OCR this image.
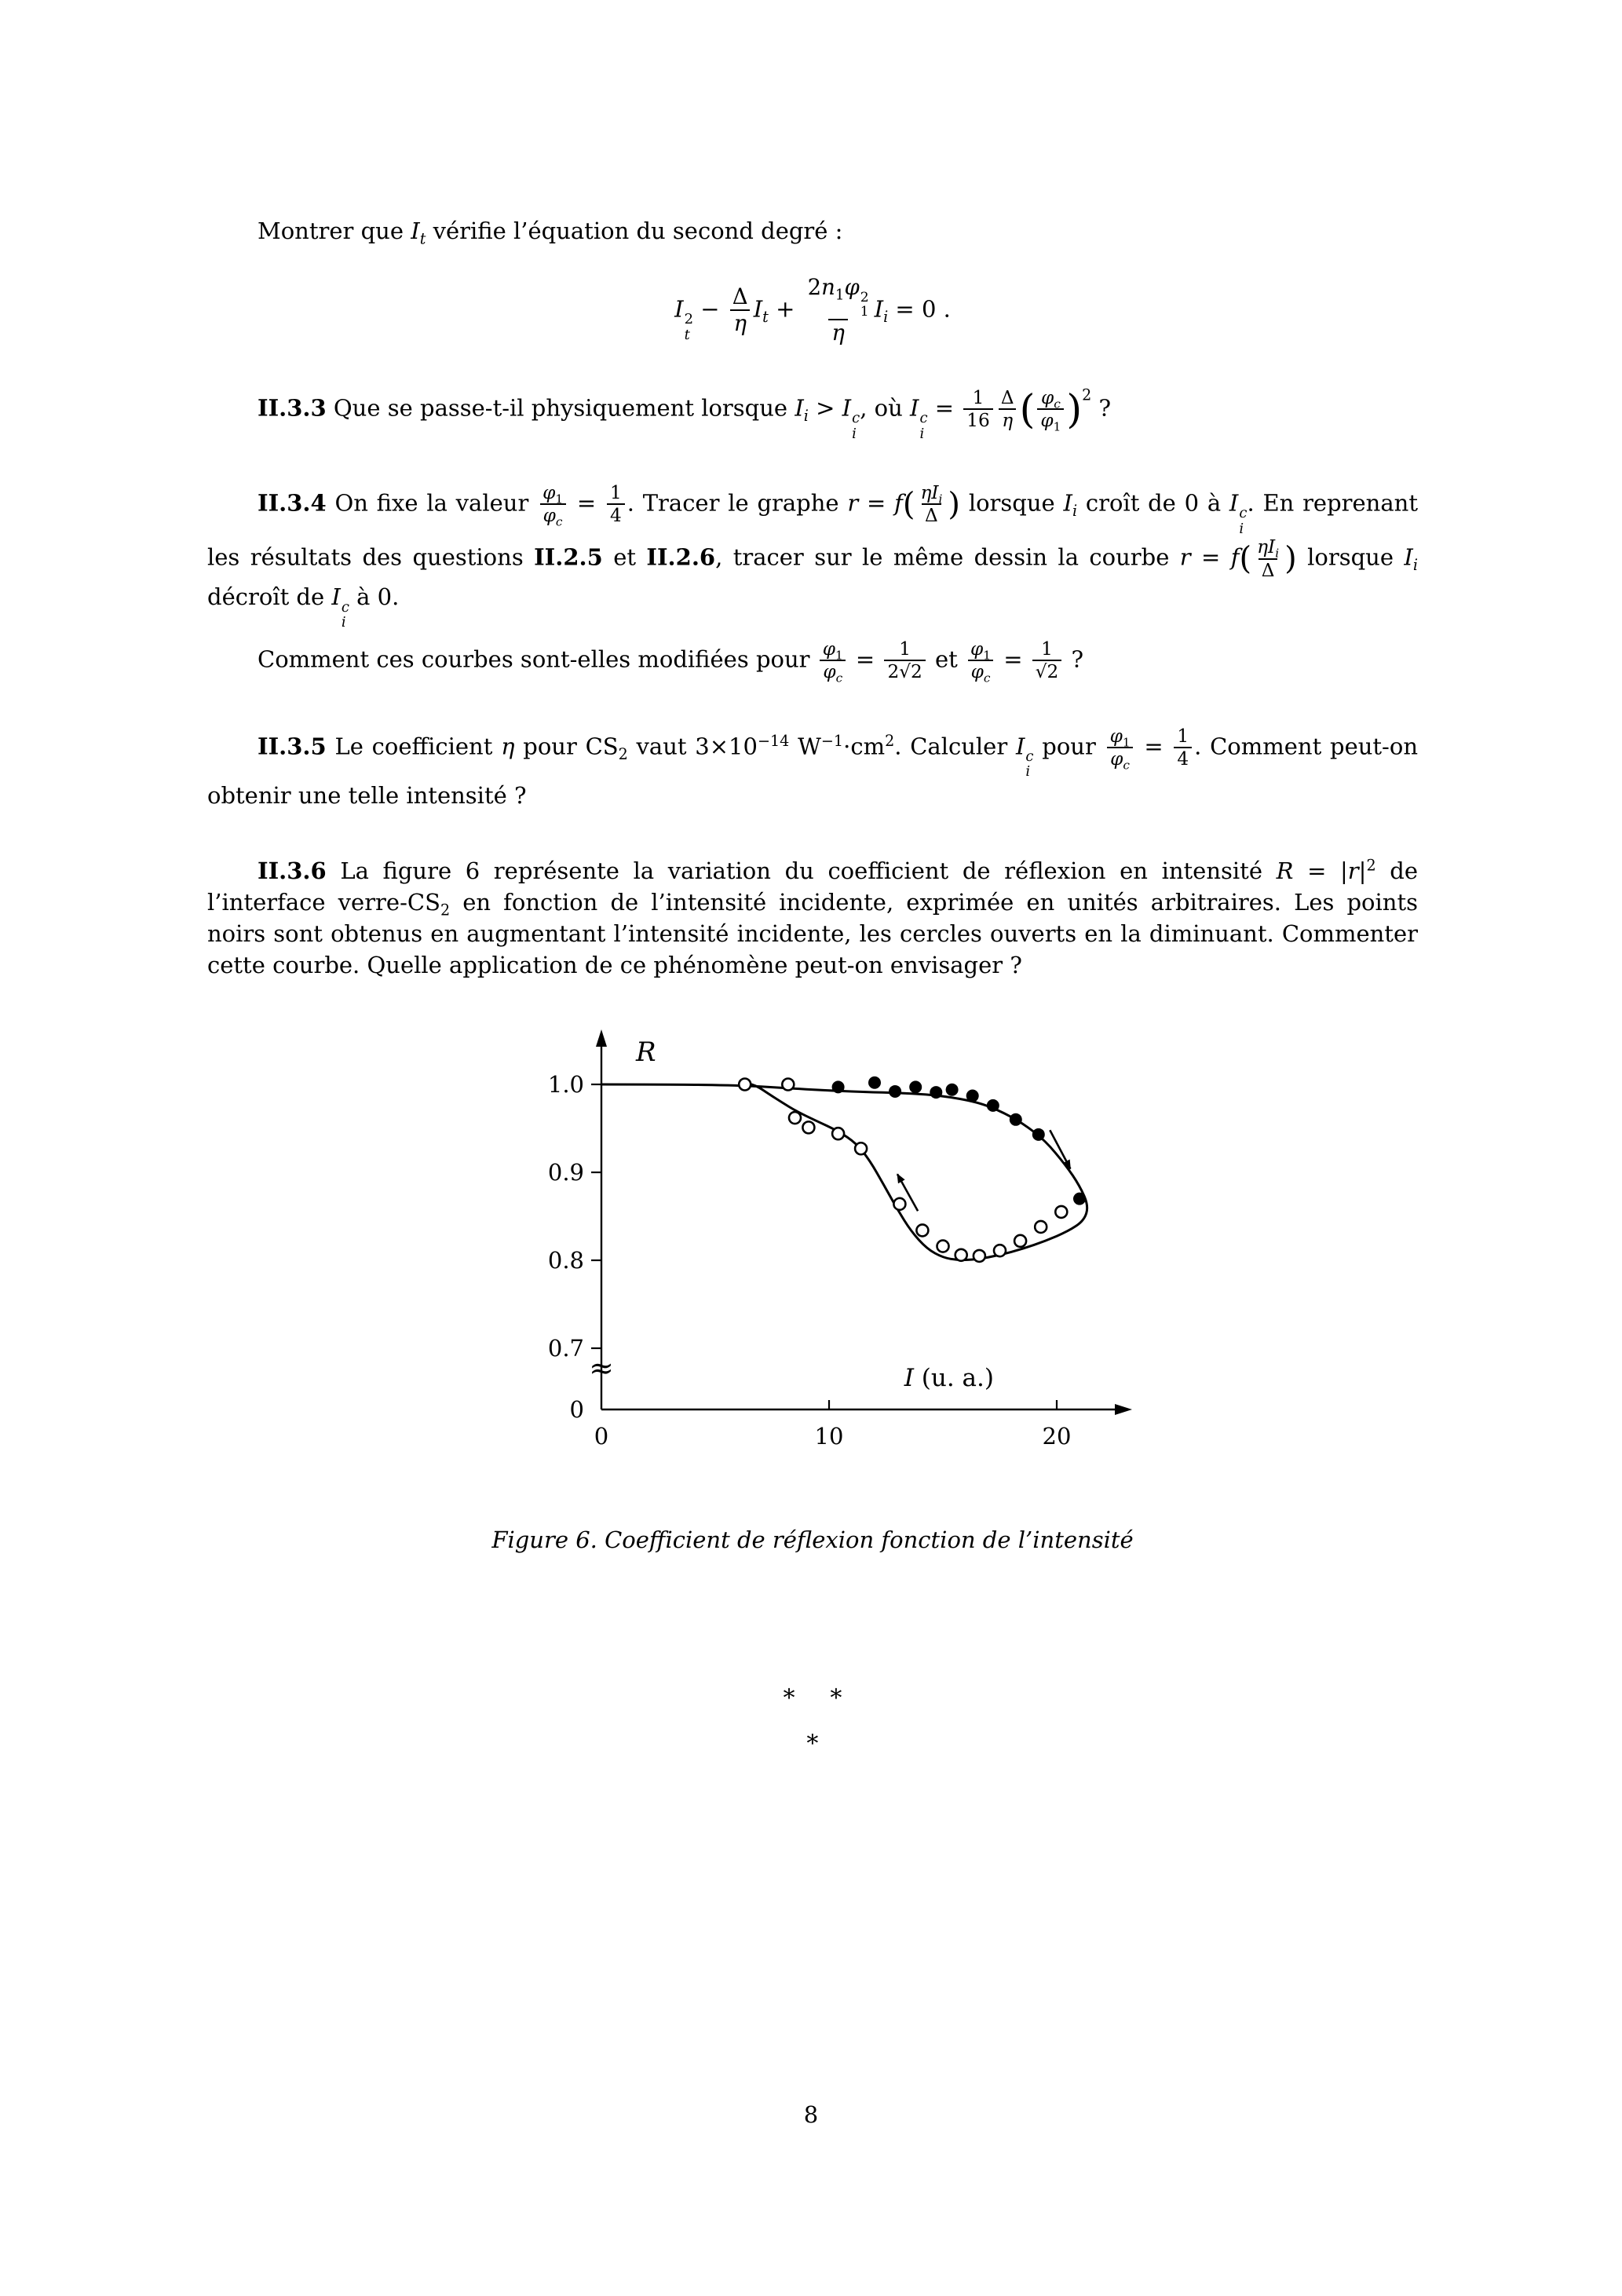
Montrer que $I_t$ vérifie l’équation du second degré :

I 2
t
− $\frac{\Delta}{\eta} I_t + 2n_1\varphi$ 2
1
η $I_i = 0$ .

II.3.3 Que se passe-t-il physiquement lorsque $I_i > I$ c
i
, où I c
i
= $\frac{1}{16} \frac{\Delta}{\eta}$ ( $\frac{\varphi_c}{\varphi_1} )^2$ ?

II.3.4 On fixe la valeur $\frac{\varphi_1}{\varphi_c} = \frac{1}{4}$ . Tracer le graphe $r = f( \frac{\eta I_i}{\Delta}$ ) lorsque $I_i$ croît de 0 à I c
i
. En reprenant les résultats des questions II.2.5 et II.2.6, tracer sur le même dessin la courbe $r = f( \frac{\eta I_i}{\Delta}$ ) lorsque $I_i$ décroît de I c
i
à 0.

Comment ces courbes sont-elles modifiées pour $\frac{\varphi_1}{\varphi_c} = \frac{1}{2√2}$ et $\frac{\varphi_1}{\varphi_c} = \frac{1}{√2}$ ?

II.3.5 Le coefficient η pour $CS_2$ vaut $3\times 10^{-14}$ $W^{-1}\cdot cm^2$. Calculer I c
i
pour $\frac{\varphi_1}{\varphi_c} = \frac{1}{4}$ . Comment peut-on obtenir une telle intensité ?

II.3.6 La figure 6 représente la variation du coefficient de réflexion en intensité $R = |r|^2$ de l’interface verre-$CS_2$ en fonction de l’intensité incidente, exprimée en unités arbitraires. Les points noirs sont obtenus en augmentant l’intensité incidente, les cercles ouverts en la diminuant. Commenter cette courbe. Quelle application de ce phénomène peut-on envisager ?

1.0
0.9
0.8
0.7
0
≈
0	10	20
R
I (u. a.)
Figure 6. Coefficient de réflexion fonction de l’intensité
∗ ∗
∗
8
